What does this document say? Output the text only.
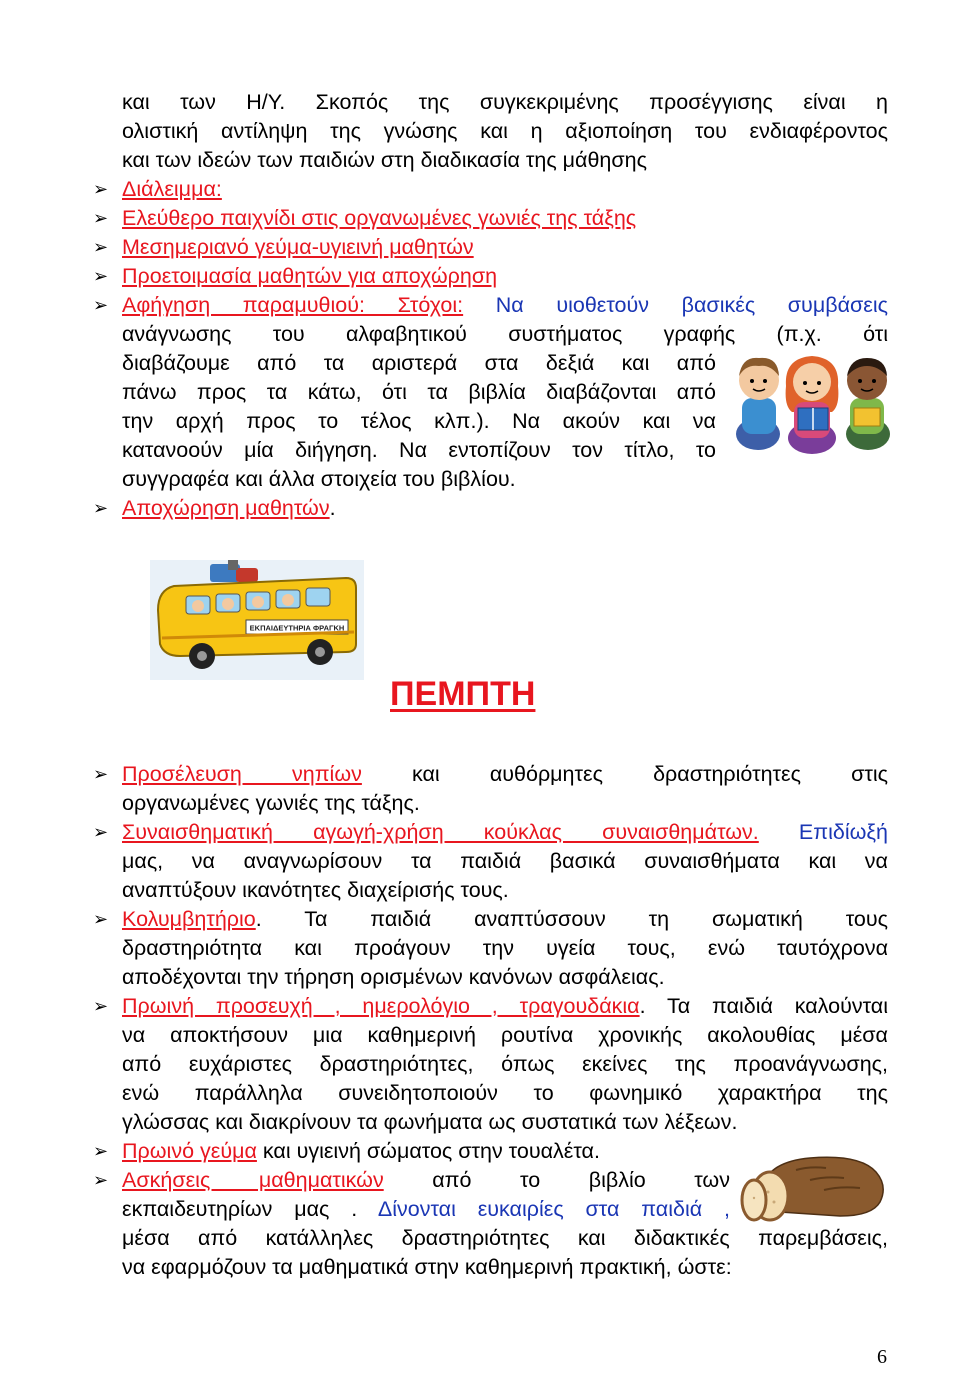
και των Η/Υ. Σκοπός της συγκεκριμένης προσέγγισης είναι η
ολιστική αντίληψη της γνώσης και η αξιοποίηση του ενδιαφέροντος
και των ιδεών των παιδιών στη διαδικασία της μάθησης
➢ Διάλειμμα:
➢ Ελεύθερο παιχνίδι στις οργανωμένες γωνιές της τάξης
➢ Μεσημεριανό γεύμα-υγιεινή μαθητών
➢ Προετοιμασία μαθητών για αποχώρηση
➢ Αφήγηση παραμυθιού: Στόχοι: Να υιοθετούν βασικές συμβάσεις
ανάγνωσης του αλφαβητικού συστήματος γραφής (π.χ. ότι
διαβάζουμε από τα αριστερά στα δεξιά και από
πάνω προς τα κάτω, ότι τα βιβλία διαβάζονται από
την αρχή προς το τέλος κλπ.). Να ακούν και να
κατανοούν μία διήγηση. Να εντοπίζουν τον τίτλο, το
συγγραφέα και άλλα στοιχεία του βιβλίου.
➢ Αποχώρηση μαθητών.
ΕΚΠΑΙΔΕΥΤΗΡΙΑ ΦΡΑΓΚΗ
ΠΕΜΠΤΗ
➢ Προσέλευση νηπίων και αυθόρμητες δραστηριότητες στις
οργανωμένες γωνιές της τάξης.
➢ Συναισθηματική αγωγή-χρήση κούκλας συναισθημάτων. Επιδίωξή
μας, να αναγνωρίσουν τα παιδιά βασικά συναισθήματα και να
αναπτύξουν ικανότητες διαχείρισής τους.
➢ Κολυμβητήριο. Τα παιδιά αναπτύσσουν τη σωματική τους
δραστηριότητα και προάγουν την υγεία τους, ενώ ταυτόχρονα
αποδέχονται την τήρηση ορισμένων κανόνων ασφάλειας.
➢ Πρωινή προσευχή , ημερολόγιο , τραγουδάκια. Τα παιδιά καλούνται
να αποκτήσουν μια καθημερινή ρουτίνα χρονικής ακολουθίας μέσα
από ευχάριστες δραστηριότητες, όπως εκείνες της προανάγνωσης,
ενώ παράλληλα συνειδητοποιούν το φωνημικό χαρακτήρα της
γλώσσας και διακρίνουν τα φωνήματα ως συστατικά των λέξεων.
➢ Πρωινό γεύμα και υγιεινή σώματος στην τουαλέτα.
➢ Ασκήσεις μαθηματικών από το βιβλίο των
εκπαιδευτηρίων μας . Δίνονται ευκαιρίες στα παιδιά ,
μέσα από κατάλληλες δραστηριότητες και διδακτικές παρεμβάσεις,
να εφαρμόζουν τα μαθηματικά στην καθημερινή πρακτική, ώστε:
6
